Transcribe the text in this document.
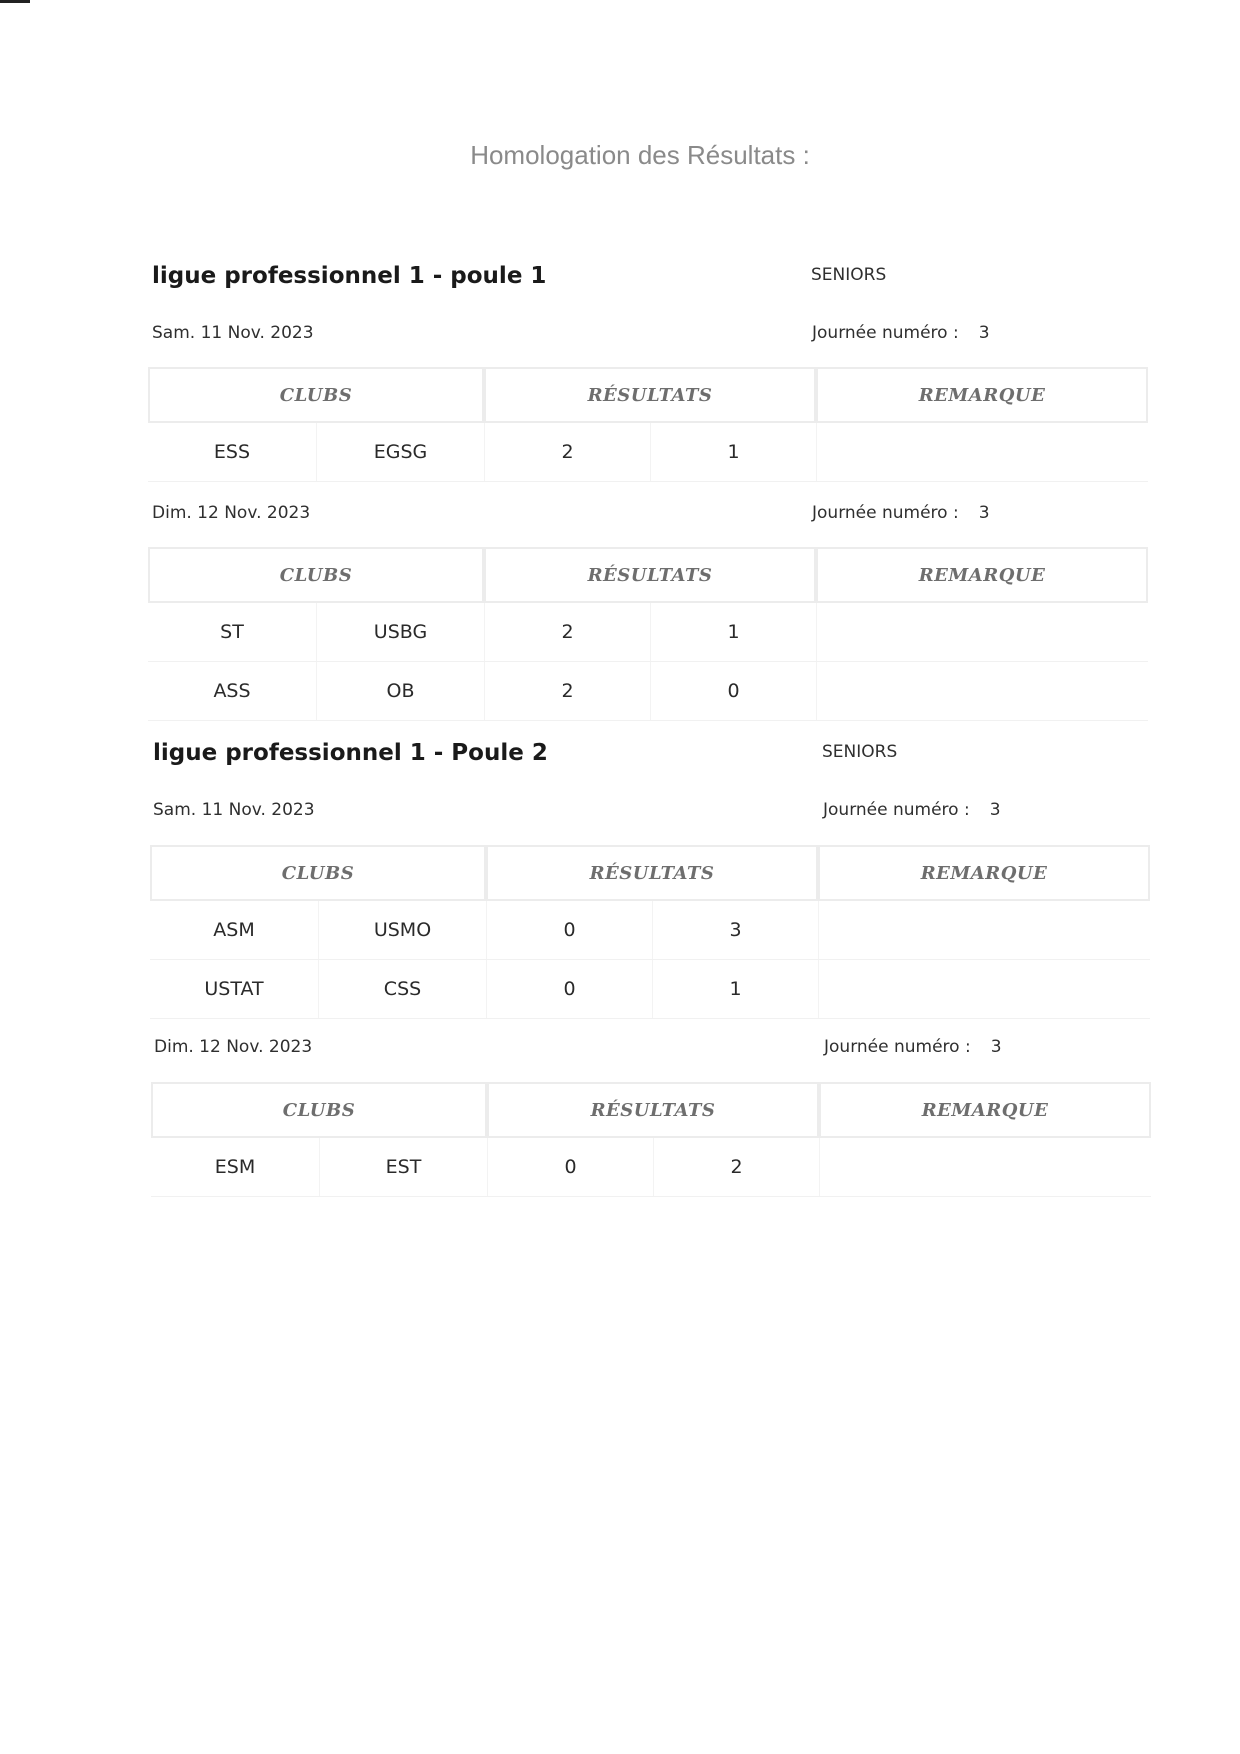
Homologation des Résultats :
ligue professionnel 1 - poule 1	SENIORS
Sam. 11 Nov. 2023	Journée numéro : 3
CLUBS	RÉSULTATS	REMARQUE
ESS	EGSG	2	1
Dim. 12 Nov. 2023	Journée numéro : 3
CLUBS	RÉSULTATS	REMARQUE
ST	USBG	2	1
ASS	OB	2	0
ligue professionnel 1 - Poule 2	SENIORS
Sam. 11 Nov. 2023	Journée numéro : 3
CLUBS	RÉSULTATS	REMARQUE
ASM	USMO	0	3
USTAT	CSS	0	1
Dim. 12 Nov. 2023	Journée numéro : 3
CLUBS	RÉSULTATS	REMARQUE
ESM	EST	0	2
